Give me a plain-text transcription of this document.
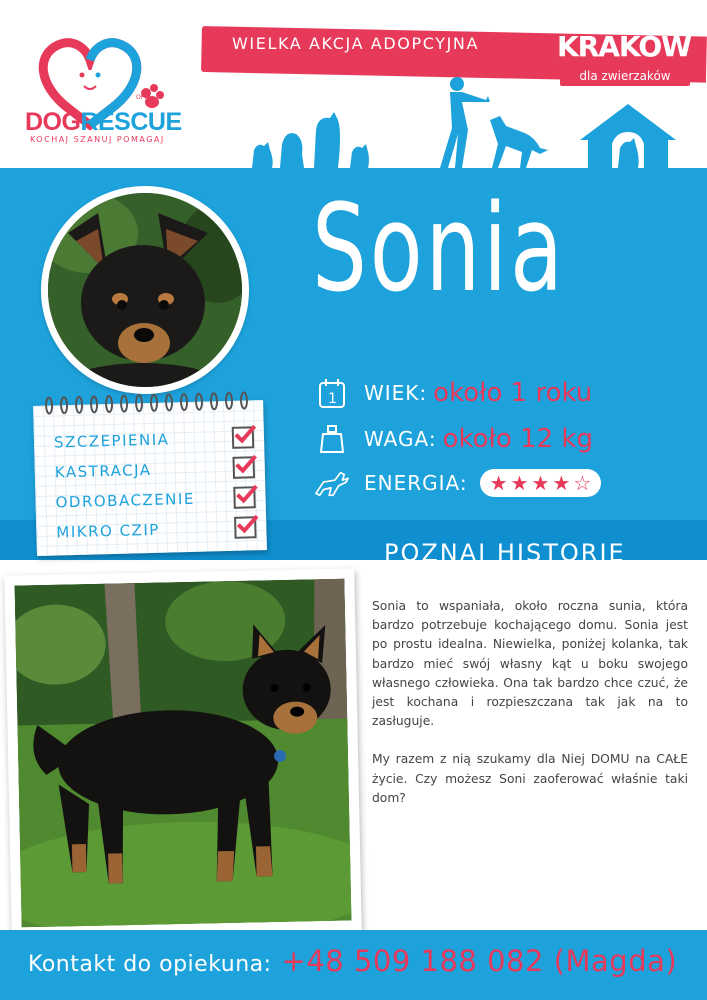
DOGRESCUE
OPP
KOCHAJ SZANUJ POMAGAJ
WIELKA AKCJA ADOPCYJNA	KRAKÓW
dla zwierzaków
Sonia
1 WIEK: około 1 roku
WAGA: około 12 kg
ENERGIA: ★ ★ ★ ★ ☆
SZCZEPIENIA
KASTRACJA
ODROBACZENIE
MIKRO CZIP
POZNAJ HISTORIĘ

Sonia to wspaniała, około roczna sunia, która bardzo potrzebuje kochającego domu. Sonia jest po prostu idealna. Niewielka, poniżej kolanka, tak bardzo mieć swój własny kąt u boku swojego własnego człowieka. Ona tak bardzo chce czuć, że jest kochana i rozpieszczana tak jak na to zasługuje.

My razem z nią szukamy dla Niej DOMU na CAŁE życie. Czy możesz Soni zaoferować właśnie taki dom?

Kontakt do opiekuna: +48 509 188 082 (Magda)
